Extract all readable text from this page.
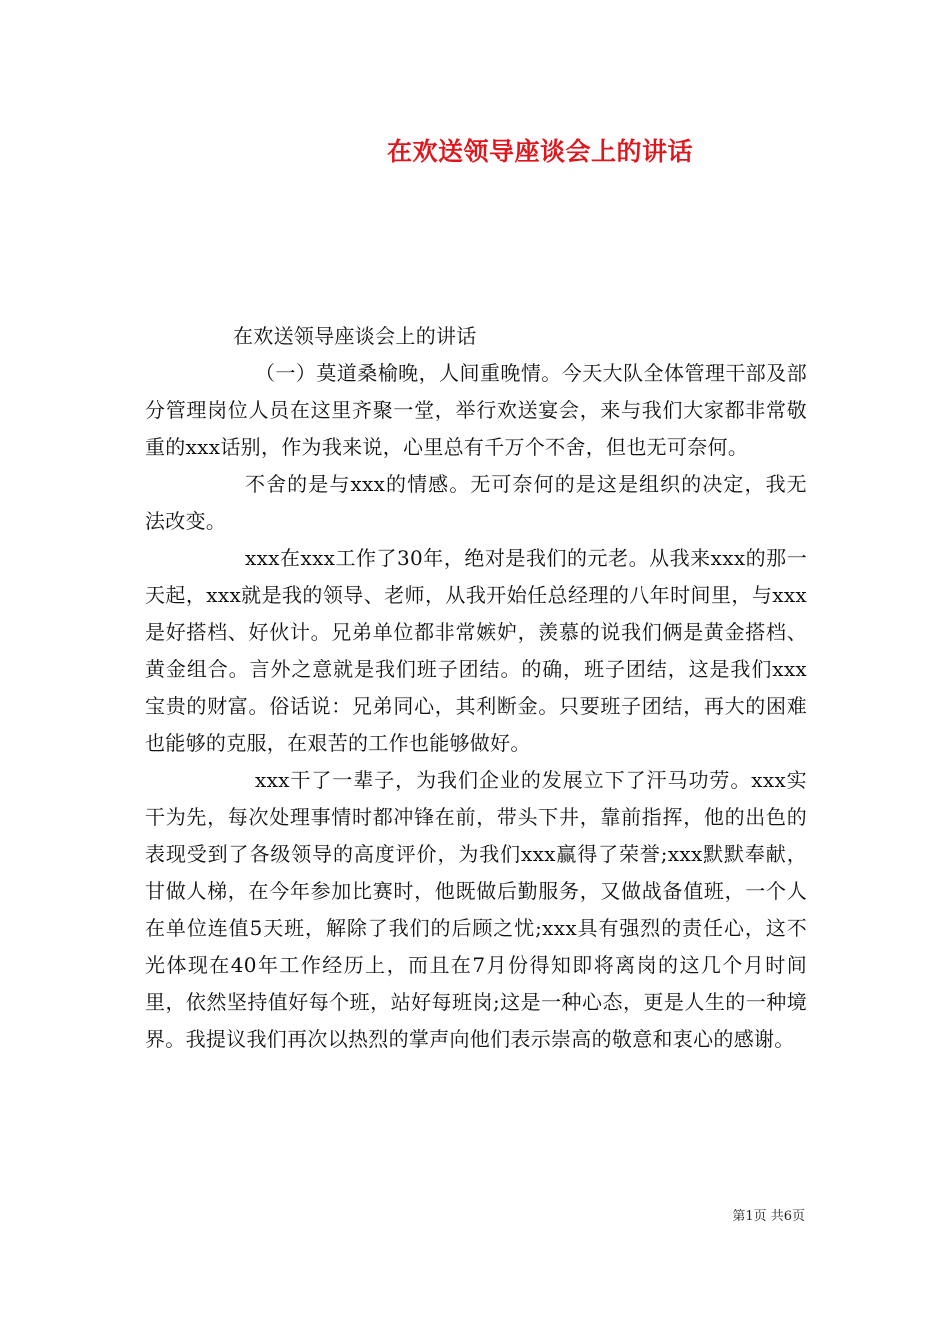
在欢送领导座谈会上的讲话

在欢送领导座谈会上的讲话

（一）莫道桑榆晚，人间重晚情。今天大队全体管理干部及部分管理岗位人员在这里齐聚一堂，举行欢送宴会，来与我们大家都非常敬重的xxx话别，作为我来说，心里总有千万个不舍，但也无可奈何。

不舍的是与xxx的情感。无可奈何的是这是组织的决定，我无法改变。

xxx在xxx工作了30年，绝对是我们的元老。从我来xxx的那一天起，xxx就是我的领导、老师，从我开始任总经理的八年时间里，与xxx是好搭档、好伙计。兄弟单位都非常嫉妒，羡慕的说我们俩是黄金搭档、黄金组合。言外之意就是我们班子团结。的确，班子团结，这是我们xxx宝贵的财富。俗话说：兄弟同心，其利断金。只要班子团结，再大的困难也能够的克服，在艰苦的工作也能够做好。

xxx干了一辈子，为我们企业的发展立下了汗马功劳。xxx实干为先，每次处理事情时都冲锋在前，带头下井，靠前指挥，他的出色的表现受到了各级领导的高度评价，为我们xxx赢得了荣誉;xxx默默奉献，甘做人梯，在今年参加比赛时，他既做后勤服务，又做战备值班，一个人在单位连值5天班，解除了我们的后顾之忧;xxx具有强烈的责任心，这不光体现在40年工作经历上，而且在7月份得知即将离岗的这几个月时间里，依然坚持值好每个班，站好每班岗;这是一种心态，更是人生的一种境界。我提议我们再次以热烈的掌声向他们表示崇高的敬意和衷心的感谢。

第1页 共6页
